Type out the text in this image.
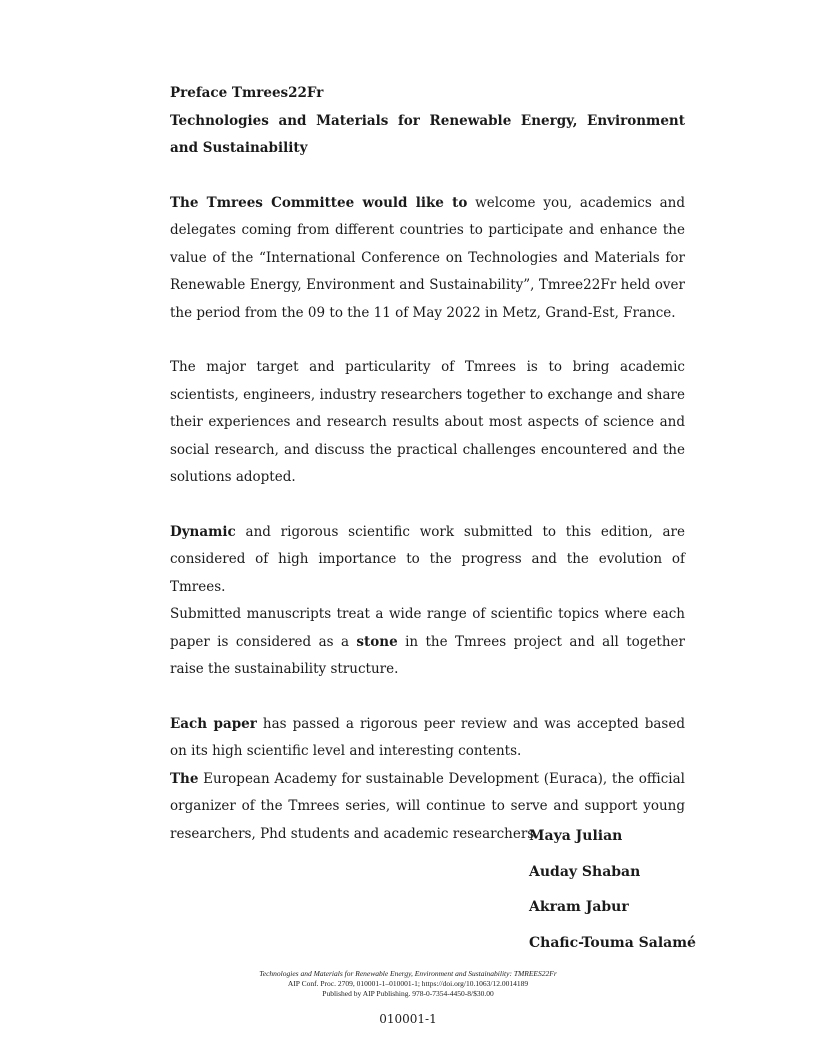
Preface Tmrees22Fr

Technologies and Materials for Renewable Energy, Environment and Sustainability

The Tmrees Committee would like to welcome you, academics and delegates coming from different countries to participate and enhance the value of the “International Conference on Technologies and Materials for Renewable Energy, Environment and Sustainability”, Tmree22Fr held over the period from the 09 to the 11 of May 2022 in Metz, Grand-Est, France.

The major target and particularity of Tmrees is to bring academic scientists, engineers, industry researchers together to exchange and share their experiences and research results about most aspects of science and social research, and discuss the practical challenges encountered and the solutions adopted.

Dynamic and rigorous scientific work submitted to this edition, are considered of high importance to the progress and the evolution of Tmrees.

Submitted manuscripts treat a wide range of scientific topics where each paper is considered as a stone in the Tmrees project and all together raise the sustainability structure.

Each paper has passed a rigorous peer review and was accepted based on its high scientific level and interesting contents.

The European Academy for sustainable Development (Euraca), the official organizer of the Tmrees series, will continue to serve and support young researchers, Phd students and academic researchers.

Maya Julian
Auday Shaban
Akram Jabur
Chafic-Touma Salamé
Technologies and Materials for Renewable Energy, Environment and Sustainability: TMREES22Fr
AIP Conf. Proc. 2709, 010001-1–010001-1; https://doi.org/10.1063/12.0014189
Published by AIP Publishing. 978-0-7354-4450-8/$30.00
010001-1
